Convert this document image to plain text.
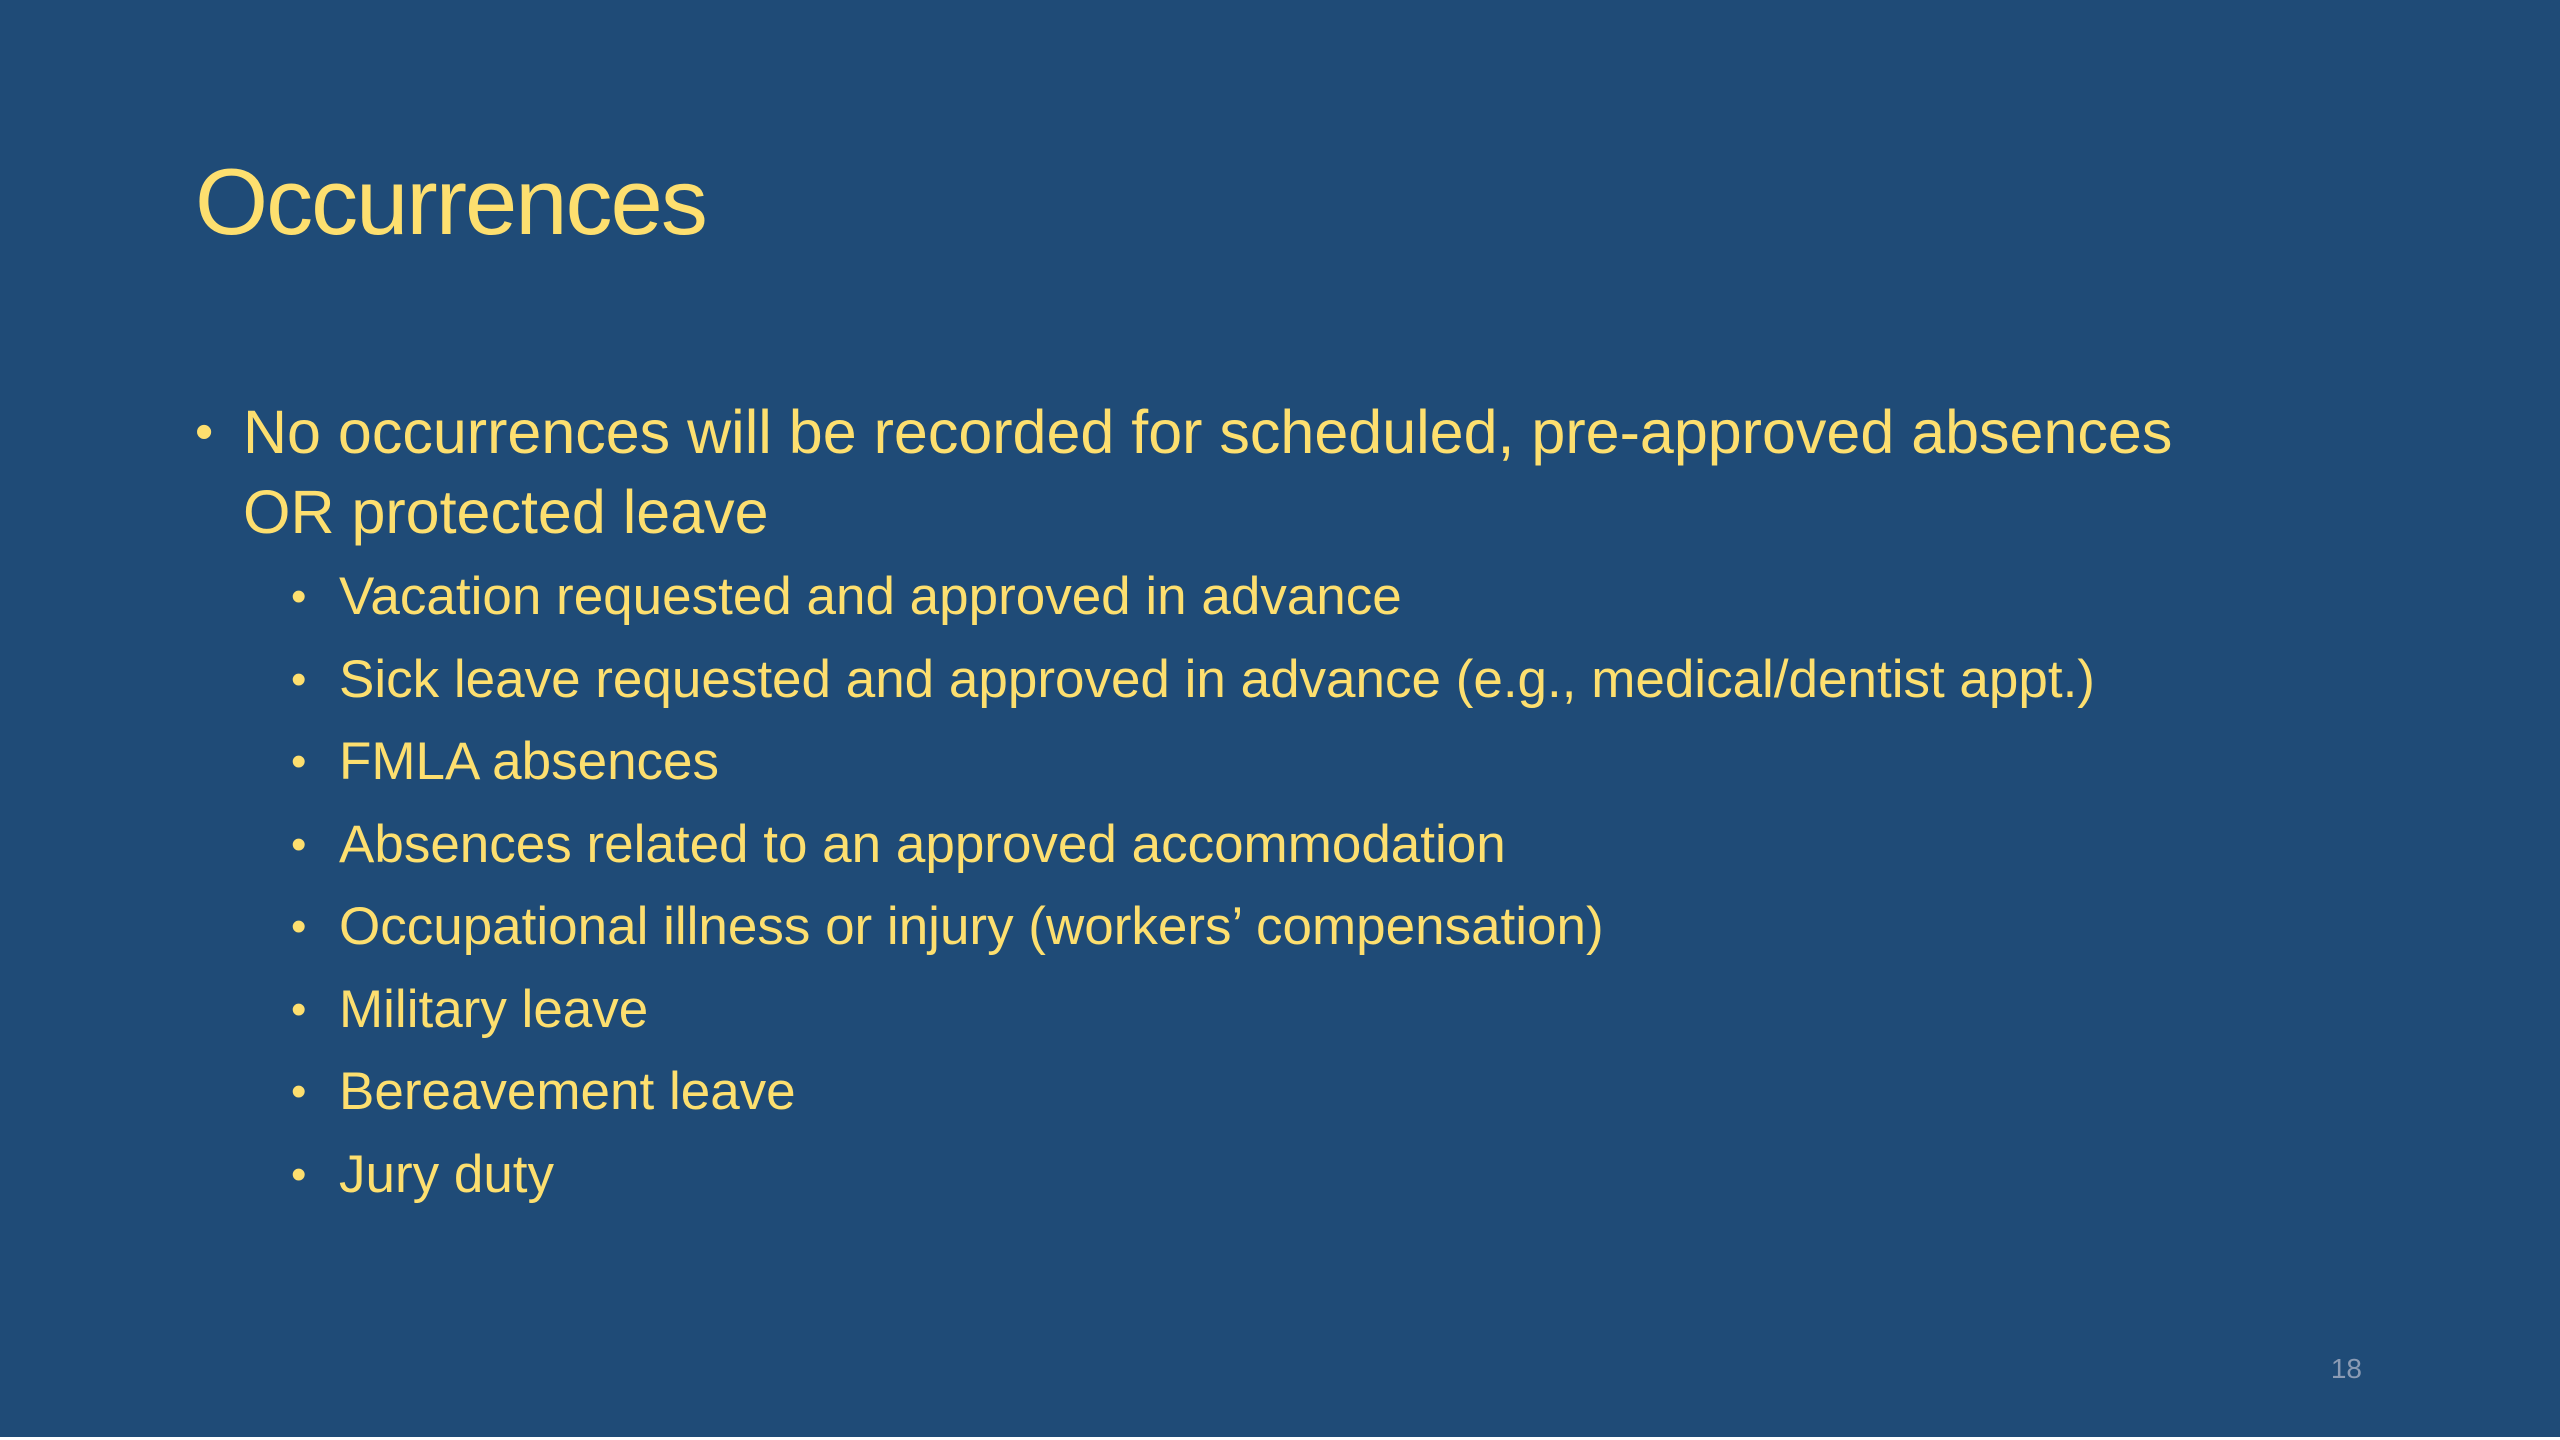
Occurrences
• No occurrences will be recorded for scheduled, pre-approved absences OR protected leave
• Vacation requested and approved in advance
• Sick leave requested and approved in advance (e.g., medical/dentist appt.)
• FMLA absences
• Absences related to an approved accommodation
• Occupational illness or injury (workers’ compensation)
• Military leave
• Bereavement leave
• Jury duty
18
